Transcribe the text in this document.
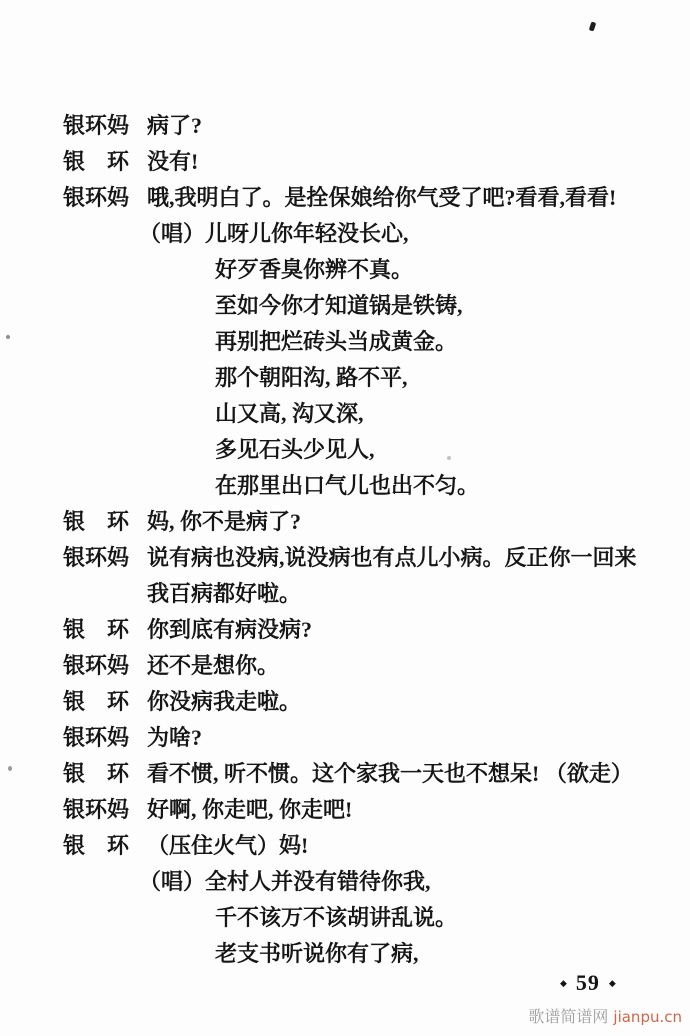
银环妈 病了?
银　环 没有!
银环妈 哦,我明白了。是拴保娘给你气受了吧?看看,看看!
（唱）儿呀儿你年轻没长心,
好歹香臭你辨不真。
至如今你才知道锅是铁铸,
再别把烂砖头当成黄金。
那个朝阳沟, 路不平,
山又高, 沟又深,
多见石头少见人,
在那里出口气儿也出不匀。
银　环 妈, 你不是病了?
银环妈 说有病也没病,说没病也有点儿小病。反正你一回来
我百病都好啦。
银　环 你到底有病没病?
银环妈 还不是想你。
银　环 你没病我走啦。
银环妈 为啥?
银　环 看不惯, 听不惯。这个家我一天也不想呆! （欲走）
银环妈 好啊, 你走吧, 你走吧!
银　环 （压住火气）妈!
（唱）全村人并没有错待你我,
千不该万不该胡讲乱说。
老支书听说你有了病,
◆ 59 ◆
歌谱简谱网 jianpu.cn
